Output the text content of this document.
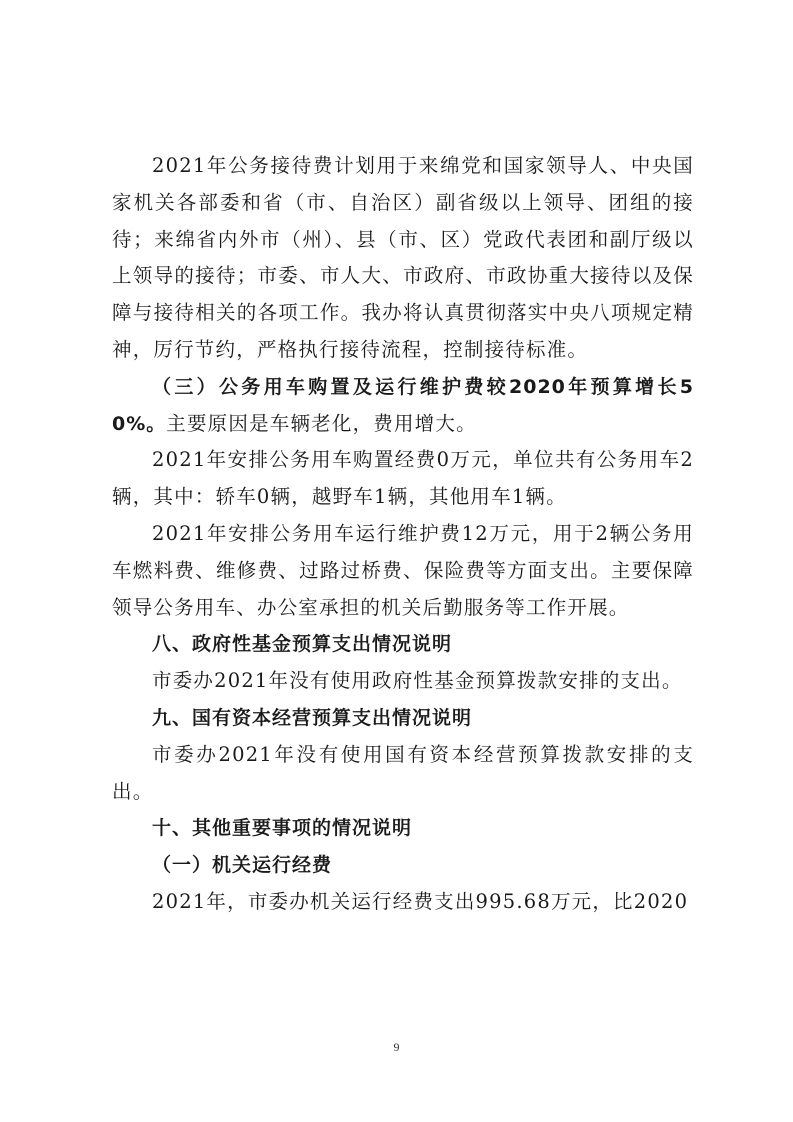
2021年公务接待费计划用于来绵党和国家领导人、中央国家机关各部委和省（市、自治区）副省级以上领导、团组的接待；来绵省内外市（州）、县（市、区）党政代表团和副厅级以上领导的接待；市委、市人大、市政府、市政协重大接待以及保障与接待相关的各项工作。我办将认真贯彻落实中央八项规定精神，厉行节约，严格执行接待流程，控制接待标准。

（三）公务用车购置及运行维护费较2020年预算增长50%。主要原因是车辆老化，费用增大。

2021年安排公务用车购置经费0万元，单位共有公务用车2辆，其中：轿车0辆，越野车1辆，其他用车1辆。

2021年安排公务用车运行维护费12万元，用于2辆公务用车燃料费、维修费、过路过桥费、保险费等方面支出。主要保障领导公务用车、办公室承担的机关后勤服务等工作开展。

八、政府性基金预算支出情况说明

市委办2021年没有使用政府性基金预算拨款安排的支出。

九、国有资本经营预算支出情况说明

市委办2021年没有使用国有资本经营预算拨款安排的支出。

十、其他重要事项的情况说明

（一）机关运行经费

2021年，市委办机关运行经费支出995.68万元，比2020

9
